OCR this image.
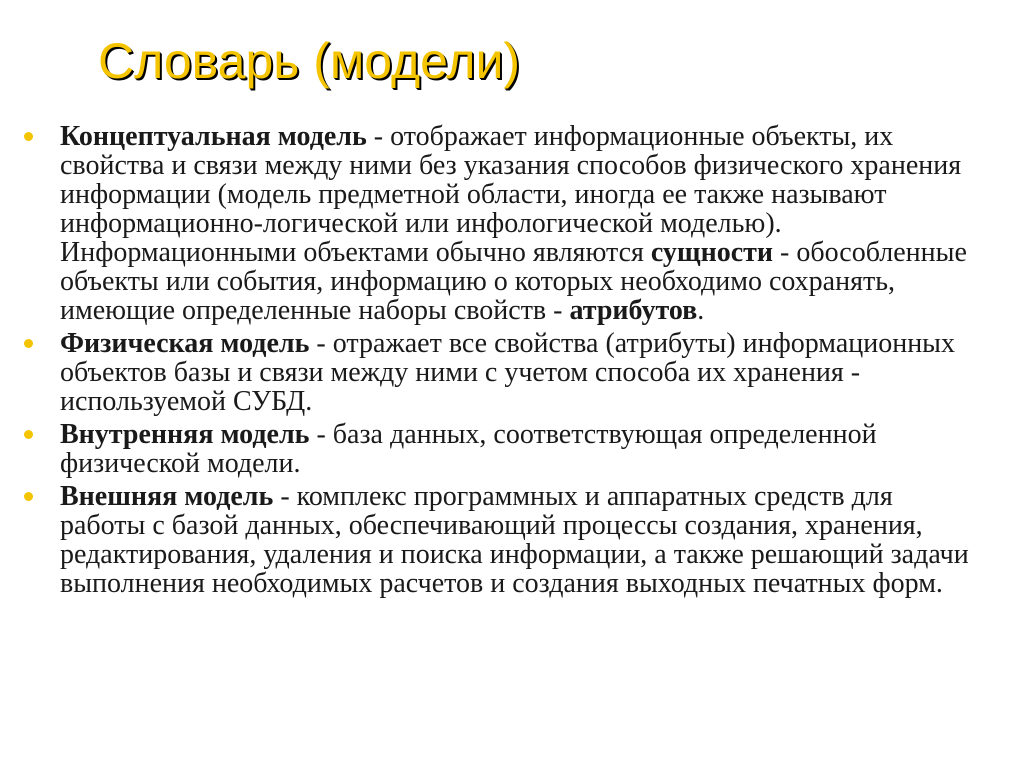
Словарь (модели)
Концептуальная модель - отображает информационные объекты, их свойства и связи между ними без указания способов физического хранения информации (модель предметной области, иногда ее также называют информационно-логической или инфологической моделью). Информационными объектами обычно являются сущности - обособленные объекты или события, информацию о которых необходимо сохранять, имеющие определенные наборы свойств - атрибутов.
Физическая модель - отражает все свойства (атрибуты) информационных объектов базы и связи между ними с учетом способа их хранения - используемой СУБД.
Внутренняя модель - база данных, соответствующая определенной физической модели.
Внешняя модель - комплекс программных и аппаратных средств для работы с базой данных, обеспечивающий процессы создания, хранения, редактирования, удаления и поиска информации, а также решающий задачи выполнения необходимых расчетов и создания выходных печатных форм.
